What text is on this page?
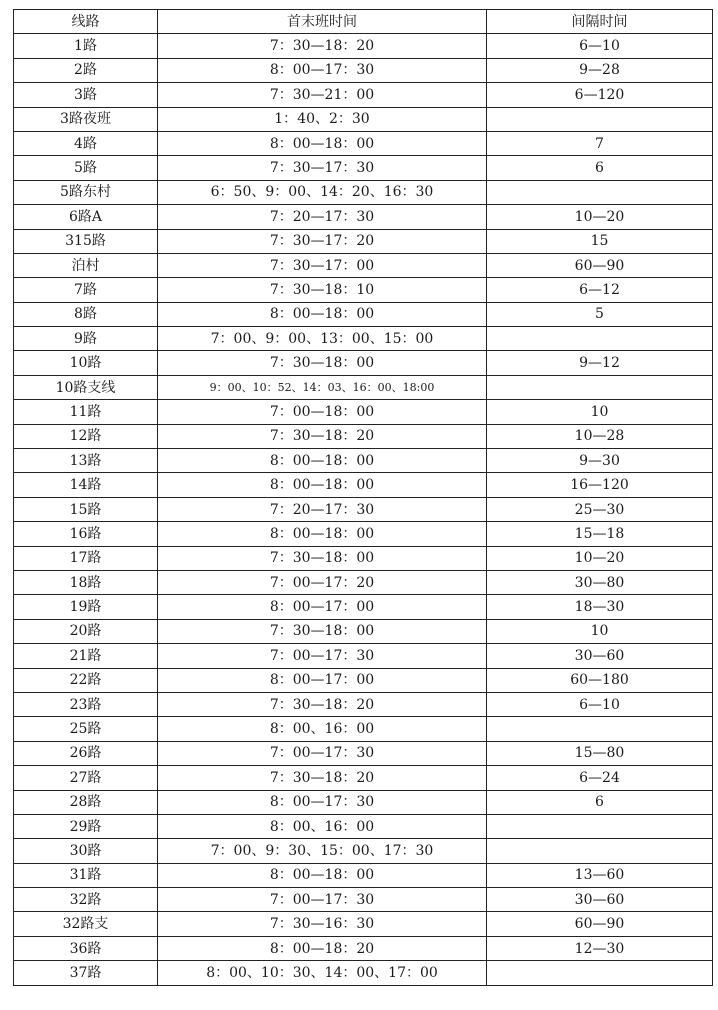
线路	首末班时间	间隔时间
1路	7：30—18：20	6—10
2路	8：00—17：30	9—28
3路	7：30—21：00	6—120
3路夜班	1：40、2：30	
4路	8：00—18：00	7
5路	7：30—17：30	6
5路东村	6：50、9：00、14：20、16：30	
6路A	7：20—17：30	10—20
315路	7：30—17：20	15
泊村	7：30—17：00	60—90
7路	7：30—18：10	6—12
8路	8：00—18：00	5
9路	7：00、9：00、13：00、15：00	
10路	7：30—18：00	9—12
10路支线	9：00、10：52、14：03、16：00、18:00	
11路	7：00—18：00	10
12路	7：30—18：20	10—28
13路	8：00—18：00	9—30
14路	8：00—18：00	16—120
15路	7：20—17：30	25—30
16路	8：00—18：00	15—18
17路	7：30—18：00	10—20
18路	7：00—17：20	30—80
19路	8：00—17：00	18—30
20路	7：30—18：00	10
21路	7：00—17：30	30—60
22路	8：00—17：00	60—180
23路	7：30—18：20	6—10
25路	8：00、16：00	
26路	7：00—17：30	15—80
27路	7：30—18：20	6—24
28路	8：00—17：30	6
29路	8：00、16：00	
30路	7：00、9：30、15：00、17：30	
31路	8：00—18：00	13—60
32路	7：00—17：30	30—60
32路支	7：30—16：30	60—90
36路	8：00—18：20	12—30
37路	8：00、10：30、14：00、17：00	
